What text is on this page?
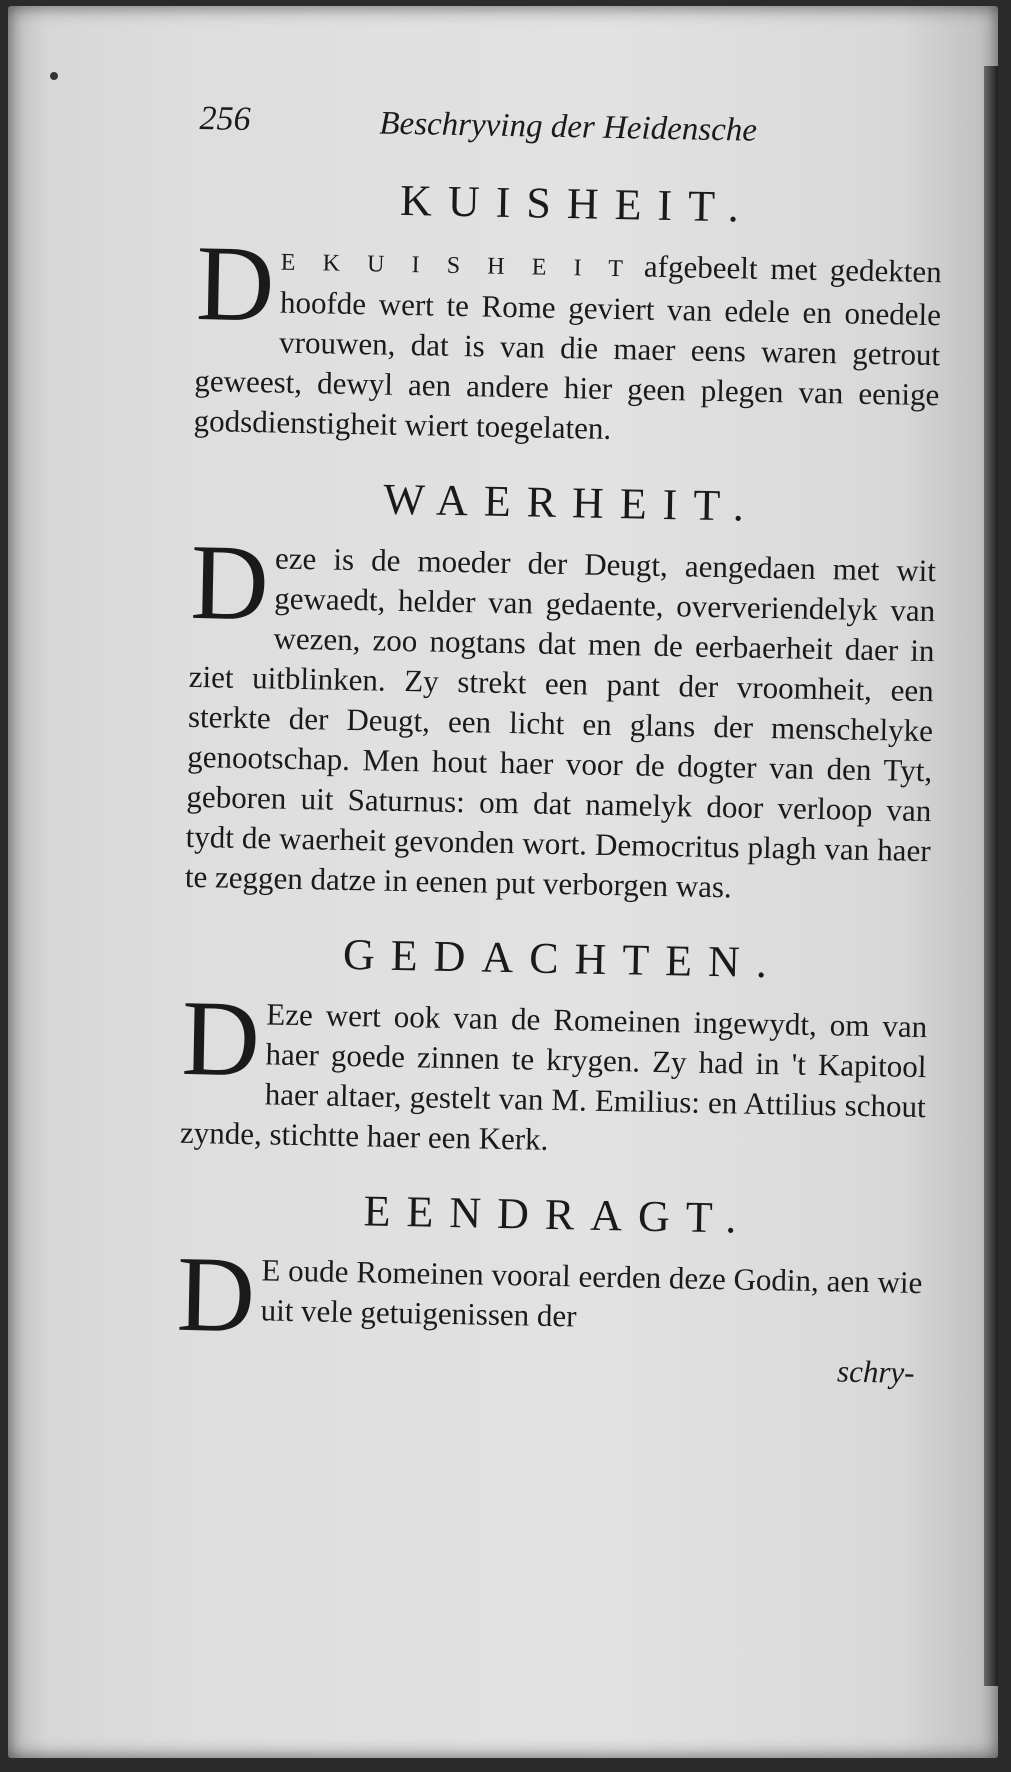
256	Beschryving der Heidensche
KUISHEIT.

D E K U I S H E I T afgebeelt met gedekten hoofde wert te Rome geviert van edele en onedele vrouwen, dat is van die maer eens waren getrout geweest, dewyl aen andere hier geen plegen van eenige godsdienstigheit wiert toegelaten.

WAERHEIT.

Deze is de moeder der Deugt, aengedaen met wit gewaedt, helder van gedaente, oververiendelyk van wezen, zoo nogtans dat men de eerbaerheit daer in ziet uitblinken. Zy strekt een pant der vroomheit, een sterkte der Deugt, een licht en glans der menschelyke genootschap. Men hout haer voor de dogter van den Tyt, geboren uit Saturnus: om dat namelyk door verloop van tydt de waerheit gevonden wort. Democritus plagh van haer te zeggen datze in eenen put verborgen was.

GEDACHTEN.

D Eze wert ook van de Romeinen ingewydt, om van haer goede zinnen te krygen. Zy had in 't Kapitool haer altaer, gestelt van M. Emilius: en Attilius schout zynde, stichtte haer een Kerk.

EENDRAGT.

D E oude Romeinen vooral eerden deze Godin, aen wie uit vele getuigenissen der

schry-
